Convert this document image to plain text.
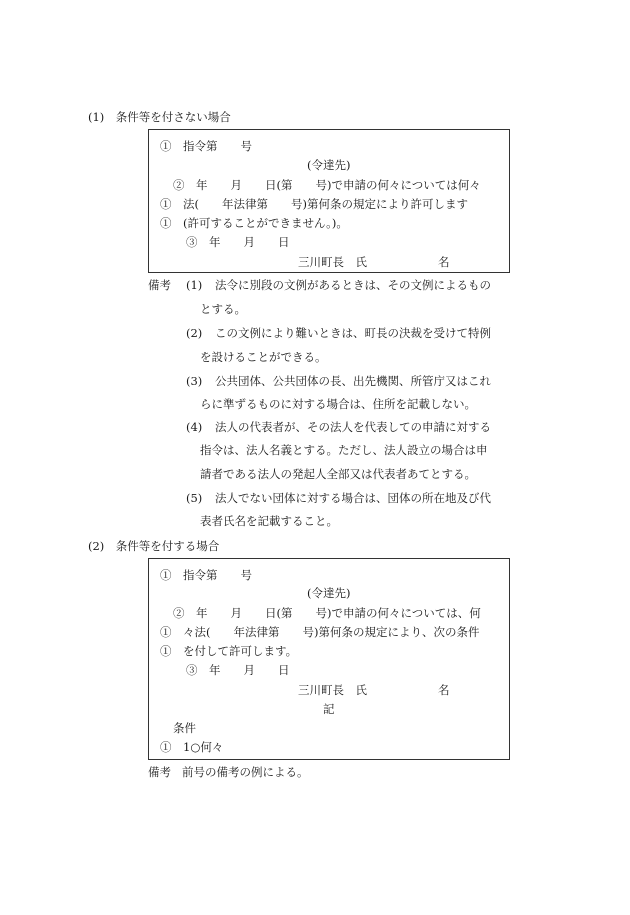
(1)　条件等を付さない場合
①　指令第　　号
(令達先)
②　年　　月　　日(第　　号)で申請の何々については何々
①　法(　　年法律第　　号)第何条の規定により許可します
①　(許可することができません。)。
③　年　　月　　日
三川町長　氏	名
備考 (1) 法令に別段の文例があるときは、その文例によるもの
とする。
(2) この文例により難いときは、町長の決裁を受けて特例
を設けることができる。
(3) 公共団体、公共団体の長、出先機関、所管庁又はこれ
らに準ずるものに対する場合は、住所を記載しない。
(4) 法人の代表者が、その法人を代表しての申請に対する
指令は、法人名義とする。ただし、法人設立の場合は申
請者である法人の発起人全部又は代表者あてとする。
(5) 法人でない団体に対する場合は、団体の所在地及び代
表者氏名を記載すること。
(2)　条件等を付する場合
①　指令第　　号
(令達先)
②　年　　月　　日(第　　号)で申請の何々については、何
①　々法(　　年法律第　　号)第何条の規定により、次の条件
①　を付して許可します。
③　年　　月　　日
三川町長　氏	名
記
条件
①　1○何々
備考 前号の備考の例による。
